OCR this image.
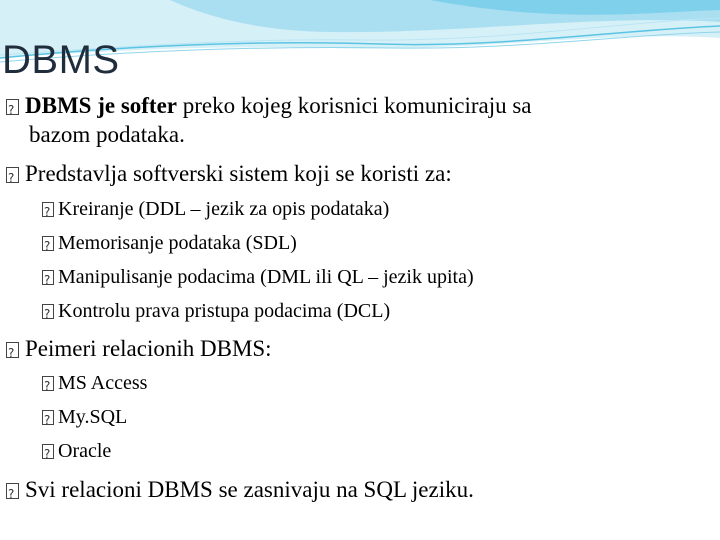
DBMS
?DBMS je softer preko kojeg korisnici komuniciraju sa
bazom podataka.
?Predstavlja softverski sistem koji se koristi za:
?Kreiranje (DDL – jezik za opis podataka)
?Memorisanje podataka (SDL)
?Manipulisanje podacima (DML ili QL – jezik upita)
?Kontrolu prava pristupa podacima (DCL)
?Peimeri relacionih DBMS:
?MS Access
?My.SQL
?Oracle
?Svi relacioni DBMS se zasnivaju na SQL jeziku.
